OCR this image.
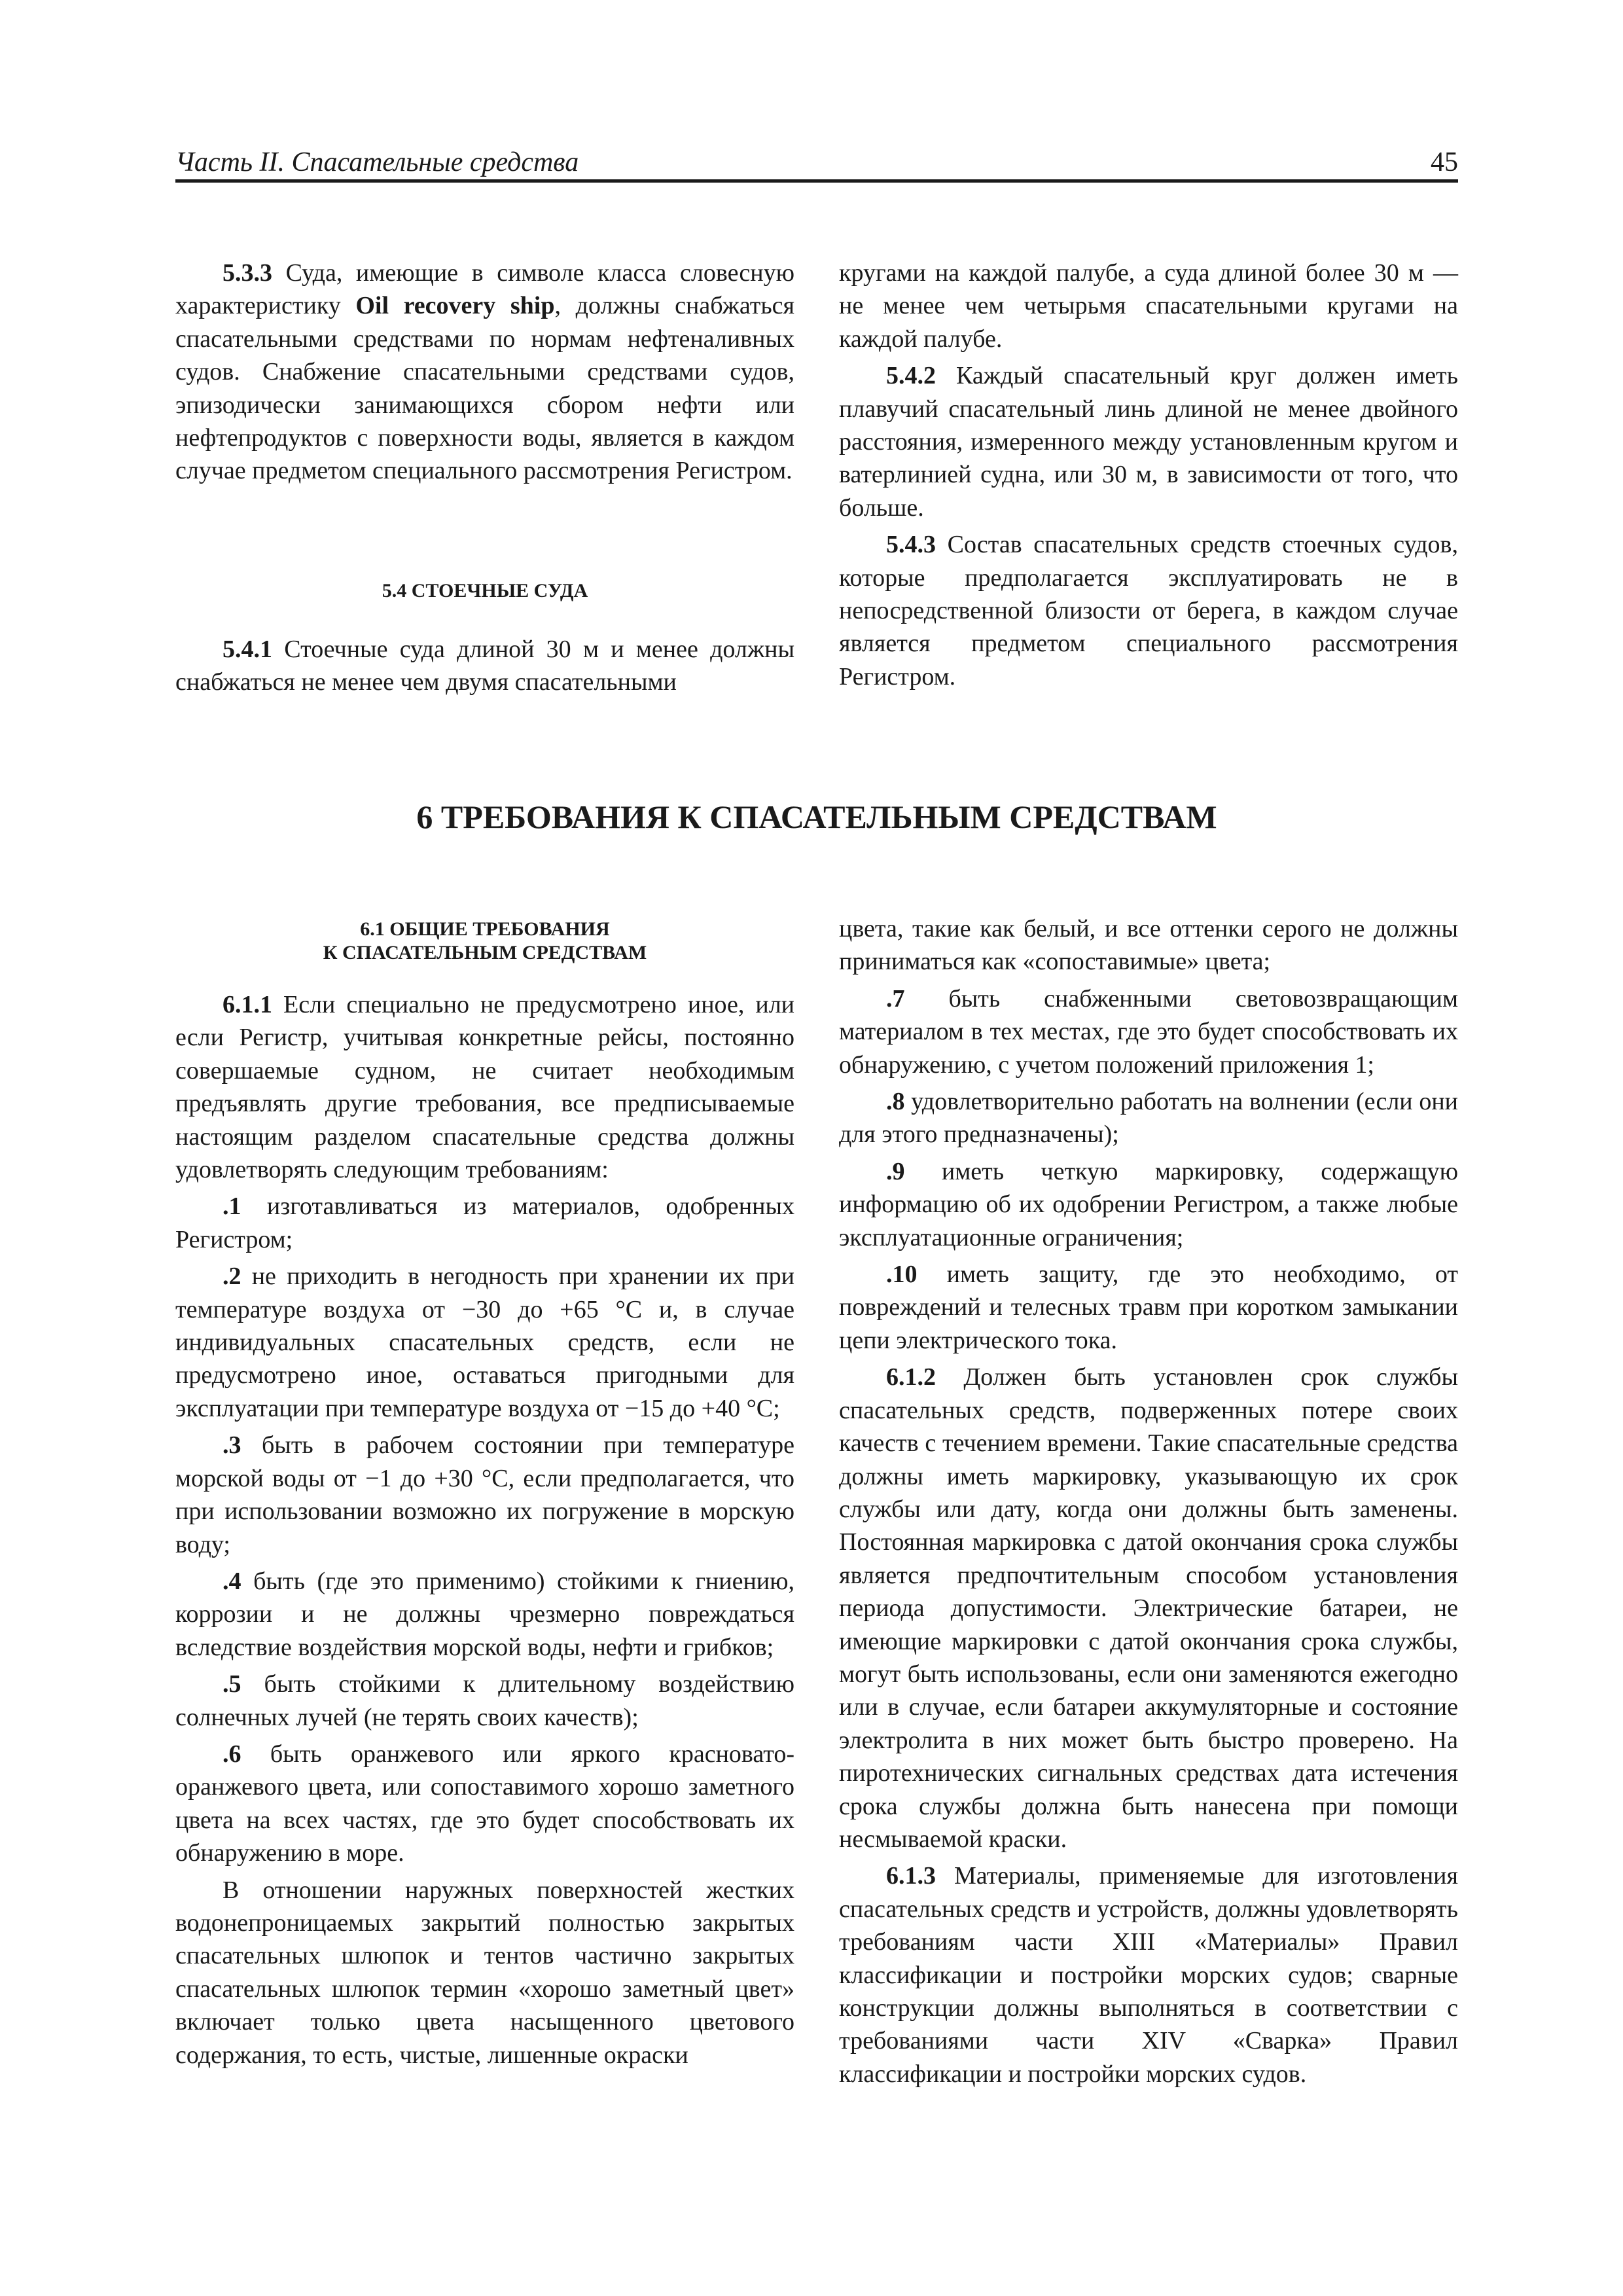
Часть II. Спасательные средства	45

5.3.3 Суда, имеющие в символе класса словесную характеристику Oil recovery ship, должны снабжаться спасательными средствами по нормам нефтеналивных судов. Снабжение спасательными средствами судов, эпизодически занимающихся сбором нефти или нефтепродуктов с поверхности воды, является в каждом случае предметом специального рассмотрения Регистром.

5.4 СТОЕЧНЫЕ СУДА

5.4.1 Стоечные суда длиной 30 м и менее должны снабжаться не менее чем двумя спасательными

кругами на каждой палубе, а суда длиной более 30 м — не менее чем четырьмя спасательными кругами на каждой палубе.

5.4.2 Каждый спасательный круг должен иметь плавучий спасательный линь длиной не менее двойного расстояния, измеренного между установленным кругом и ватерлинией судна, или 30 м, в зависимости от того, что больше.

5.4.3 Состав спасательных средств стоечных судов, которые предполагается эксплуатировать не в непосредственной близости от берега, в каждом случае является предметом специального рассмотрения Регистром.

6 ТРЕБОВАНИЯ К СПАСАТЕЛЬНЫМ СРЕДСТВАМ

6.1 ОБЩИЕ ТРЕБОВАНИЯ
К СПАСАТЕЛЬНЫМ СРЕДСТВАМ

6.1.1 Если специально не предусмотрено иное, или если Регистр, учитывая конкретные рейсы, постоянно совершаемые судном, не считает необходимым предъявлять другие требования, все предписываемые настоящим разделом спасательные средства должны удовлетворять следующим требованиям:

.1 изготавливаться из материалов, одобренных Регистром;

.2 не приходить в негодность при хранении их при температуре воздуха от −30 до +65 °С и, в случае индивидуальных спасательных средств, если не предусмотрено иное, оставаться пригодными для эксплуатации при температуре воздуха от −15 до +40 °С;

.3 быть в рабочем состоянии при температуре морской воды от −1 до +30 °С, если предполагается, что при использовании возможно их погружение в морскую воду;

.4 быть (где это применимо) стойкими к гниению, коррозии и не должны чрезмерно повреждаться вследствие воздействия морской воды, нефти и грибков;

.5 быть стойкими к длительному воздействию солнечных лучей (не терять своих качеств);

.6 быть оранжевого или яркого красновато-оранжевого цвета, или сопоставимого хорошо заметного цвета на всех частях, где это будет способствовать их обнаружению в море.

В отношении наружных поверхностей жестких водонепроницаемых закрытий полностью закрытых спасательных шлюпок и тентов частично закрытых спасательных шлюпок термин «хорошо заметный цвет» включает только цвета насыщенного цветового содержания, то есть, чистые, лишенные окраски

цвета, такие как белый, и все оттенки серого не должны приниматься как «сопоставимые» цвета;

.7 быть снабженными световозвращающим материалом в тех местах, где это будет способствовать их обнаружению, с учетом положений приложения 1;

.8 удовлетворительно работать на волнении (если они для этого предназначены);

.9 иметь четкую маркировку, содержащую информацию об их одобрении Регистром, а также любые эксплуатационные ограничения;

.10 иметь защиту, где это необходимо, от повреждений и телесных травм при коротком замыкании цепи электрического тока.

6.1.2 Должен быть установлен срок службы спасательных средств, подверженных потере своих качеств с течением времени. Такие спасательные средства должны иметь маркировку, указывающую их срок службы или дату, когда они должны быть заменены. Постоянная маркировка с датой окончания срока службы является предпочтительным способом установления периода допустимости. Электрические батареи, не имеющие маркировки с датой окончания срока службы, могут быть использованы, если они заменяются ежегодно или в случае, если батареи аккумуляторные и состояние электролита в них может быть быстро проверено. На пиротехнических сигнальных средствах дата истечения срока службы должна быть нанесена при помощи несмываемой краски.

6.1.3 Материалы, применяемые для изготовления спасательных средств и устройств, должны удовлетворять требованиям части XIII «Материалы» Правил классификации и постройки морских судов; сварные конструкции должны выполняться в соответствии с требованиями части XIV «Сварка» Правил классификации и постройки морских судов.
